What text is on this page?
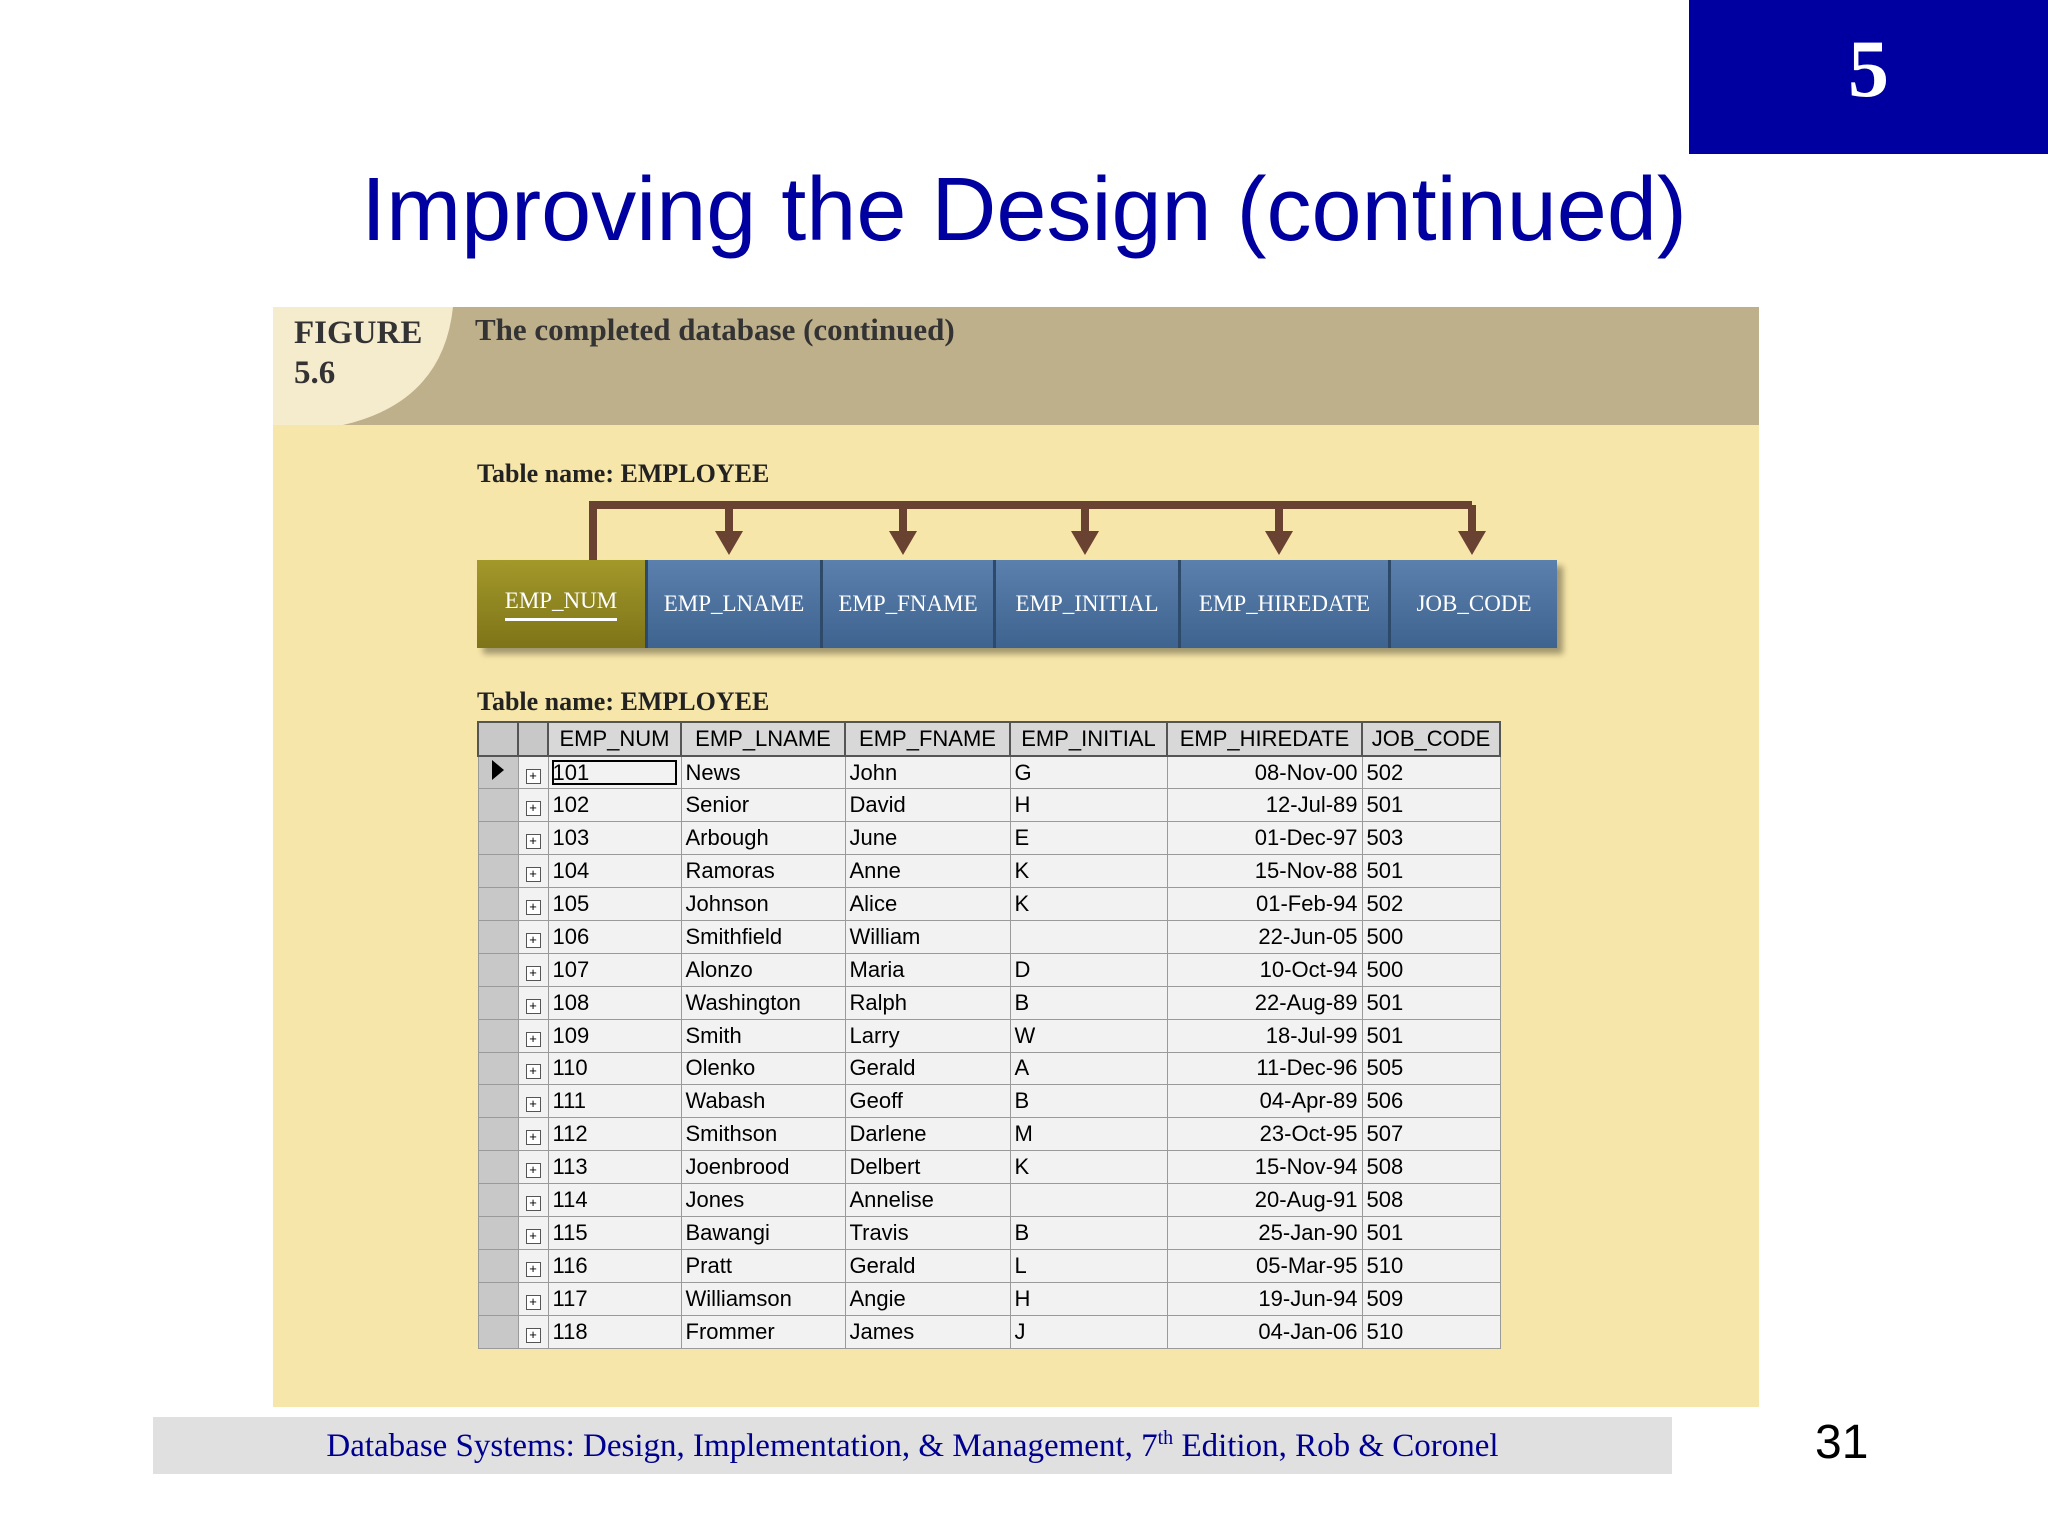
5
Improving the Design (continued)
FIGURE
5.6
The completed database (continued)
Table name: EMPLOYEE
EMP_NUM	EMP_LNAME	EMP_FNAME	EMP_INITIAL	EMP_HIREDATE	JOB_CODE
Table name: EMPLOYEE
		EMP_NUM	EMP_LNAME	EMP_FNAME	EMP_INITIAL	EMP_HIREDATE	JOB_CODE
	+	101	News	John	G	08-Nov-00	502
	+	102	Senior	David	H	12-Jul-89	501
	+	103	Arbough	June	E	01-Dec-97	503
	+	104	Ramoras	Anne	K	15-Nov-88	501
	+	105	Johnson	Alice	K	01-Feb-94	502
	+	106	Smithfield	William		22-Jun-05	500
	+	107	Alonzo	Maria	D	10-Oct-94	500
	+	108	Washington	Ralph	B	22-Aug-89	501
	+	109	Smith	Larry	W	18-Jul-99	501
	+	110	Olenko	Gerald	A	11-Dec-96	505
	+	111	Wabash	Geoff	B	04-Apr-89	506
	+	112	Smithson	Darlene	M	23-Oct-95	507
	+	113	Joenbrood	Delbert	K	15-Nov-94	508
	+	114	Jones	Annelise		20-Aug-91	508
	+	115	Bawangi	Travis	B	25-Jan-90	501
	+	116	Pratt	Gerald	L	05-Mar-95	510
	+	117	Williamson	Angie	H	19-Jun-94	509
	+	118	Frommer	James	J	04-Jan-06	510
Database Systems: Design, Implementation, & Management, 7th Edition, Rob & Coronel	31
